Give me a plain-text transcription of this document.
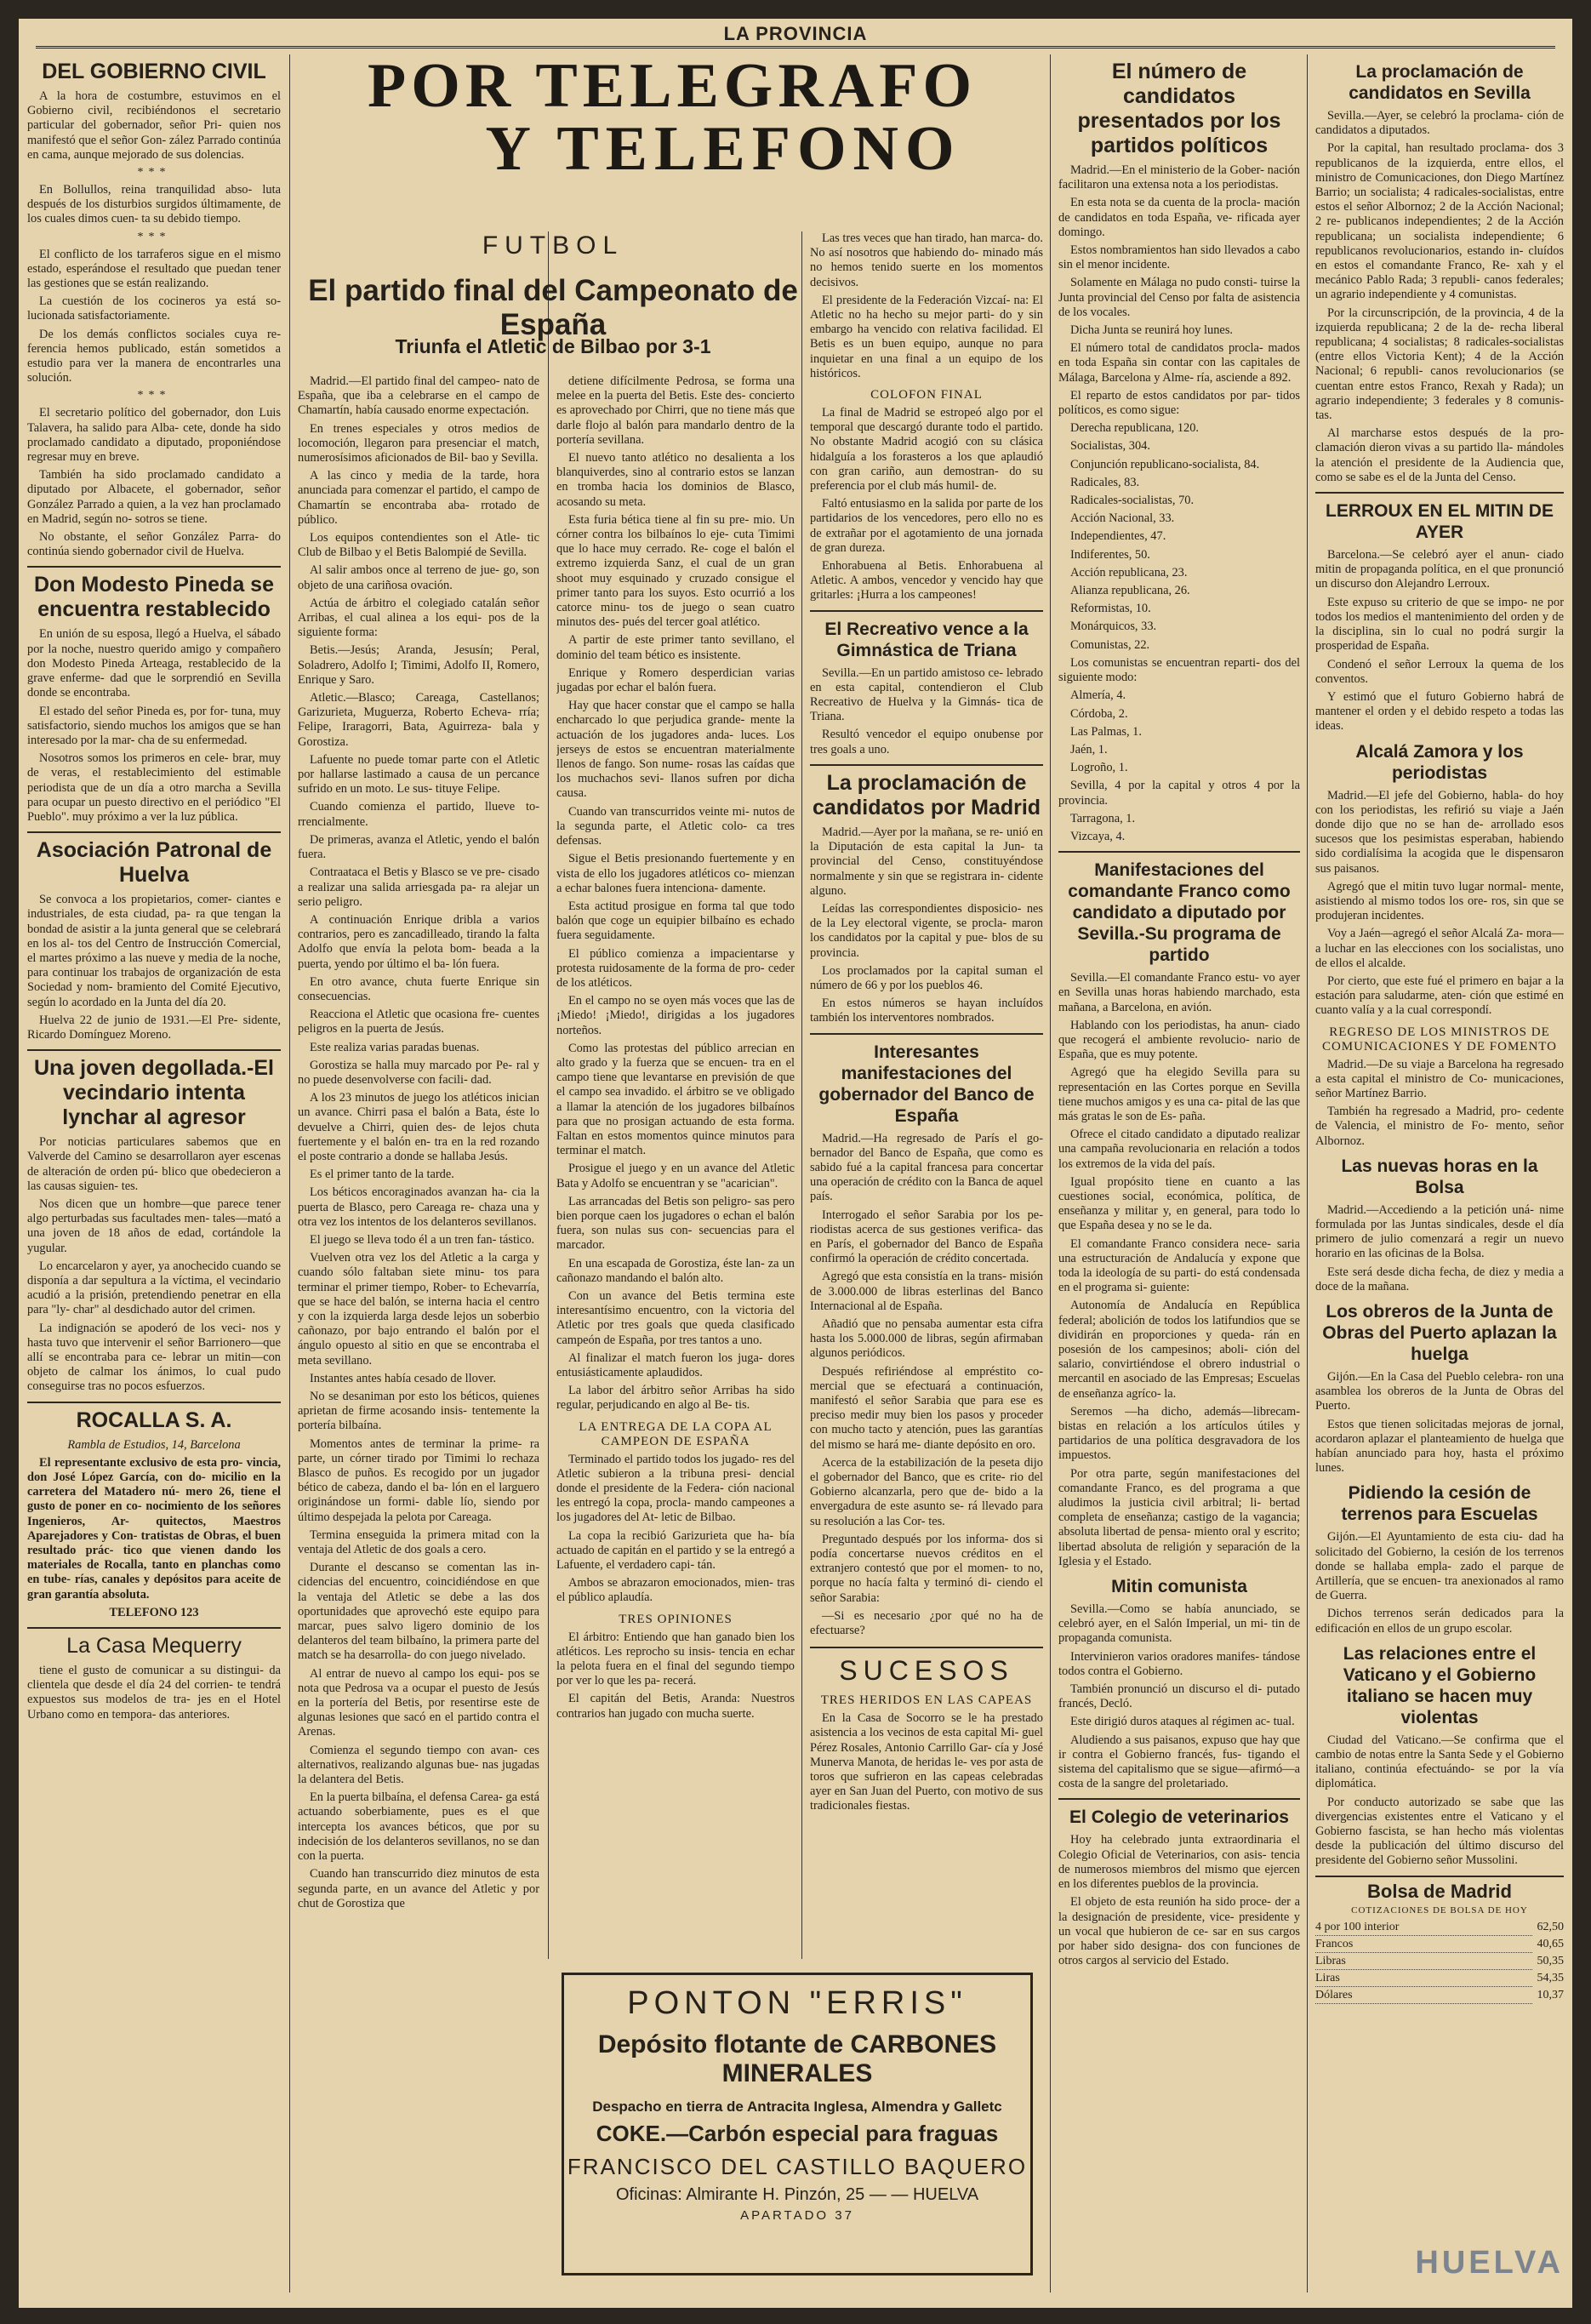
LA PROVINCIA
DEL GOBIERNO CIVIL

A la hora de costumbre, estuvimos en el Gobierno civil, recibiéndonos el secretario particular del gobernador, señor Pri- quien nos manifestó que el señor Gon- zález Parrado continúa en cama, aunque mejorado de sus dolencias.

***

En Bollullos, reina tranquilidad abso- luta después de los disturbios surgidos últimamente, de los cuales dimos cuen- ta su debido tiempo.

***

El conflicto de los tarraferos sigue en el mismo estado, esperándose el resultado que puedan tener las gestiones que se están realizando.

La cuestión de los cocineros ya está so- lucionada satisfactoriamente.

De los demás conflictos sociales cuya re- ferencia hemos publicado, están sometidos a estudio para ver la manera de encontrarles una solución.

***

El secretario político del gobernador, don Luis Talavera, ha salido para Alba- cete, donde ha sido proclamado candidato a diputado, proponiéndose regresar muy en breve.

También ha sido proclamado candidato a diputado por Albacete, el gobernador, señor González Parrado a quien, a la vez han proclamado en Madrid, según no- sotros se tiene.

No obstante, el señor González Parra- do continúa siendo gobernador civil de Huelva.

Don Modesto Pineda se encuentra restablecido

En unión de su esposa, llegó a Huelva, el sábado por la noche, nuestro querido amigo y compañero don Modesto Pineda Arteaga, restablecido de la grave enferme- dad que le sorprendió en Sevilla donde se encontraba.

El estado del señor Pineda es, por for- tuna, muy satisfactorio, siendo muchos los amigos que se han interesado por la mar- cha de su enfermedad.

Nosotros somos los primeros en cele- brar, muy de veras, el restablecimiento del estimable periodista que de un día a otro marcha a Sevilla para ocupar un puesto directivo en el periódico "El Pueblo". muy próximo a ver la luz pública.

Asociación Patronal de Huelva

Se convoca a los propietarios, comer- ciantes e industriales, de esta ciudad, pa- ra que tengan la bondad de asistir a la junta general que se celebrará en los al- tos del Centro de Instrucción Comercial, el martes próximo a las nueve y media de la noche, para continuar los trabajos de organización de esta Sociedad y nom- bramiento del Comité Ejecutivo, según lo acordado en la Junta del día 20.

Huelva 22 de junio de 1931.—El Pre- sidente, Ricardo Domínguez Moreno.

Una joven degollada.-El vecindario intenta lynchar al agresor

Por noticias particulares sabemos que en Valverde del Camino se desarrollaron ayer escenas de alteración de orden pú- blico que obedecieron a las causas siguien- tes.

Nos dicen que un hombre—que parece tener algo perturbadas sus facultades men- tales—mató a una joven de 18 años de edad, cortándole la yugular.

Lo encarcelaron y ayer, ya anochecido cuando se disponía a dar sepultura a la víctima, el vecindario acudió a la prisión, pretendiendo penetrar en ella para "ly- char" al desdichado autor del crimen.

La indignación se apoderó de los veci- nos y hasta tuvo que intervenir el señor Barrionero—que allí se encontraba para ce- lebrar un mitin—con objeto de calmar los ánimos, lo cual pudo conseguirse tras no pocos esfuerzos.

ROCALLA S. A.

Rambla de Estudios, 14, Barcelona

El representante exclusivo de esta pro- vincia, don José López García, con do- micilio en la carretera del Matadero nú- mero 26, tiene el gusto de poner en co- nocimiento de los señores Ingenieros, Ar- quitectos, Maestros Aparejadores y Con- tratistas de Obras, el buen resultado prác- tico que vienen dando los materiales de Rocalla, tanto en planchas como en tube- rías, canales y depósitos para aceite de gran garantía absoluta.

TELEFONO 123

La Casa Mequerry

tiene el gusto de comunicar a su distingui- da clientela que desde el día 24 del corrien- te tendrá expuestos sus modelos de tra- jes en el Hotel Urbano como en tempora- das anteriores.

POR TELEGRAFO
Y TELEFONO
FUTBOL
El partido final del Campeonato de España
Triunfa el Atletic de Bilbao por 3-1

Madrid.—El partido final del campeo- nato de España, que iba a celebrarse en el campo de Chamartín, había causado enorme expectación.

En trenes especiales y otros medios de locomoción, llegaron para presenciar el match, numerosísimos aficionados de Bil- bao y Sevilla.

A las cinco y media de la tarde, hora anunciada para comenzar el partido, el campo de Chamartín se encontraba aba- rrotado de público.

Los equipos contendientes son el Atle- tic Club de Bilbao y el Betis Balompié de Sevilla.

Al salir ambos once al terreno de jue- go, son objeto de una cariñosa ovación.

Actúa de árbitro el colegiado catalán señor Arribas, el cual alinea a los equi- pos de la siguiente forma:

Betis.—Jesús; Aranda, Jesusín; Peral, Soladrero, Adolfo I; Timimi, Adolfo II, Romero, Enrique y Saro.

Atletic.—Blasco; Careaga, Castellanos; Garizurieta, Muguerza, Roberto Echeva- rría; Felipe, Iraragorri, Bata, Aguirreza- bala y Gorostiza.

Lafuente no puede tomar parte con el Atletic por hallarse lastimado a causa de un percance sufrido en un moto. Le sus- tituye Felipe.

Cuando comienza el partido, llueve to- rrencialmente.

De primeras, avanza el Atletic, yendo el balón fuera.

Contraataca el Betis y Blasco se ve pre- cisado a realizar una salida arriesgada pa- ra alejar un serio peligro.

A continuación Enrique dribla a varios contrarios, pero es zancadilleado, tirando la falta Adolfo que envía la pelota bom- beada a la puerta, yendo por último el ba- lón fuera.

En otro avance, chuta fuerte Enrique sin consecuencias.

Reacciona el Atletic que ocasiona fre- cuentes peligros en la puerta de Jesús.

Este realiza varias paradas buenas.

Gorostiza se halla muy marcado por Pe- ral y no puede desenvolverse con facili- dad.

A los 23 minutos de juego los atléticos inician un avance. Chirri pasa el balón a Bata, éste lo devuelve a Chirri, quien des- de lejos chuta fuertemente y el balón en- tra en la red rozando el poste contrario a donde se hallaba Jesús.

Es el primer tanto de la tarde.

Los béticos encoraginados avanzan ha- cia la puerta de Blasco, pero Careaga re- chaza una y otra vez los intentos de los delanteros sevillanos.

El juego se lleva todo él a un tren fan- tástico.

Vuelven otra vez los del Atletic a la carga y cuando sólo faltaban siete minu- tos para terminar el primer tiempo, Rober- to Echevarría, que se hace del balón, se interna hacia el centro y con la izquierda larga desde lejos un soberbio cañonazo, por bajo entrando el balón por el ángulo opuesto al sitio en que se encontraba el meta sevillano.

Instantes antes había cesado de llover.

No se desaniman por esto los béticos, quienes aprietan de firme acosando insis- tentemente la portería bilbaína.

Momentos antes de terminar la prime- ra parte, un córner tirado por Timimi lo rechaza Blasco de puños. Es recogido por un jugador bético de cabeza, dando el ba- lón en el larguero originándose un formi- dable lío, siendo por último despejada la pelota por Careaga.

Termina enseguida la primera mitad con la ventaja del Atletic de dos goals a cero.

Durante el descanso se comentan las in- cidencias del encuentro, coincidiéndose en que la ventaja del Atletic se debe a las dos oportunidades que aprovechó este equipo para marcar, pues salvo ligero dominio de los delanteros del team bilbaíno, la primera parte del match se ha desarrolla- do con juego nivelado.

Al entrar de nuevo al campo los equi- pos se nota que Pedrosa va a ocupar el puesto de Jesús en la portería del Betis, por resentirse este de algunas lesiones que sacó en el partido contra el Arenas.

Comienza el segundo tiempo con avan- ces alternativos, realizando algunas bue- nas jugadas la delantera del Betis.

En la puerta bilbaína, el defensa Carea- ga está actuando soberbiamente, pues es el que intercepta los avances béticos, que por su indecisión de los delanteros sevillanos, no se dan con la puerta.

Cuando han transcurrido diez minutos de esta segunda parte, en un avance del Atletic y por chut de Gorostiza que

detiene difícilmente Pedrosa, se forma una melee en la puerta del Betis. Este des- concierto es aprovechado por Chirri, que no tiene más que darle flojo al balón para mandarlo dentro de la portería sevillana.

El nuevo tanto atlético no desalienta a los blanquiverdes, sino al contrario estos se lanzan en tromba hacia los dominios de Blasco, acosando su meta.

Esta furia bética tiene al fin su pre- mio. Un córner contra los bilbaínos lo eje- cuta Timimi que lo hace muy cerrado. Re- coge el balón el extremo izquierda Sanz, el cual de un gran shoot muy esquinado y cruzado consigue el primer tanto para los suyos. Esto ocurrió a los catorce minu- tos de juego o sean cuatro minutos des- pués del tercer goal atlético.

A partir de este primer tanto sevillano, el dominio del team bético es insistente.

Enrique y Romero desperdician varias jugadas por echar el balón fuera.

Hay que hacer constar que el campo se halla encharcado lo que perjudica grande- mente la actuación de los jugadores anda- luces. Los jerseys de estos se encuentran materialmente llenos de fango. Son nume- rosas las caídas que los muchachos sevi- llanos sufren por dicha causa.

Cuando van transcurridos veinte mi- nutos de la segunda parte, el Atletic colo- ca tres defensas.

Sigue el Betis presionando fuertemente y en vista de ello los jugadores atléticos co- mienzan a echar balones fuera intenciona- damente.

Esta actitud prosigue en forma tal que todo balón que coge un equipier bilbaíno es echado fuera seguidamente.

El público comienza a impacientarse y protesta ruidosamente de la forma de pro- ceder de los atléticos.

En el campo no se oyen más voces que las de ¡Miedo! ¡Miedo!, dirigidas a los jugadores norteños.

Como las protestas del público arrecian en alto grado y la fuerza que se encuen- tra en el campo tiene que levantarse en previsión de que el campo sea invadido. el árbitro se ve obligado a llamar la atención de los jugadores bilbaínos para que no prosigan actuando de esta forma. Faltan en estos momentos quince minutos para terminar el match.

Prosigue el juego y en un avance del Atletic Bata y Adolfo se encuentran y se "acarician".

Las arrancadas del Betis son peligro- sas pero bien porque caen los jugadores o echan el balón fuera, son nulas sus con- secuencias para el marcador.

En una escapada de Gorostiza, éste lan- za un cañonazo mandando el balón alto.

Con un avance del Betis termina este interesantísimo encuentro, con la victoria del Atletic por tres goals que queda clasificado campeón de España, por tres tantos a uno.

Al finalizar el match fueron los juga- dores entusiásticamente aplaudidos.

La labor del árbitro señor Arribas ha sido regular, perjudicando en algo al Be- tis.

LA ENTREGA DE LA COPA AL CAMPEON DE ESPAÑA

Terminado el partido todos los jugado- res del Atletic subieron a la tribuna presi- dencial donde el presidente de la Federa- ción nacional les entregó la copa, procla- mando campeones a los jugadores del At- letic de Bilbao.

La copa la recibió Garizurieta que ha- bía actuado de capitán en el partido y se la entregó a Lafuente, el verdadero capi- tán.

Ambos se abrazaron emocionados, mien- tras el público aplaudía.

TRES OPINIONES

El árbitro: Entiendo que han ganado bien los atléticos. Les reprocho su insis- tencia en echar la pelota fuera en el final del segundo tiempo por ver lo que les pa- recerá.

El capitán del Betis, Aranda: Nuestros contrarios han jugado con mucha suerte.

Las tres veces que han tirado, han marca- do. No así nosotros que habiendo do- minado más no hemos tenido suerte en los momentos decisivos.

El presidente de la Federación Vizcaí- na: El Atletic no ha hecho su mejor parti- do y sin embargo ha vencido con relativa facilidad. El Betis es un buen equipo, aunque no para inquietar en una final a un equipo de los históricos.

COLOFON FINAL

La final de Madrid se estropeó algo por el temporal que descargó durante todo el partido. No obstante Madrid acogió con su clásica hidalguía a los forasteros a los que aplaudió con gran cariño, aun demostran- do su preferencia por el club más humil- de.

Faltó entusiasmo en la salida por parte de los partidarios de los vencedores, pero ello no es de extrañar por el agotamiento de una jornada de gran dureza.

Enhorabuena al Betis. Enhorabuena al Atletic. A ambos, vencedor y vencido hay que gritarles: ¡Hurra a los campeones!

El Recreativo vence a la Gimnástica de Triana

Sevilla.—En un partido amistoso ce- lebrado en esta capital, contendieron el Club Recreativo de Huelva y la Gimnás- tica de Triana.

Resultó vencedor el equipo onubense por tres goals a uno.

La proclamación de candidatos por Madrid

Madrid.—Ayer por la mañana, se re- unió en la Diputación de esta capital la Jun- ta provincial del Censo, constituyéndose normalmente y sin que se registrara in- cidente alguno.

Leídas las correspondientes disposicio- nes de la Ley electoral vigente, se procla- maron los candidatos por la capital y pue- blos de su provincia.

Los proclamados por la capital suman el número de 66 y por los pueblos 46.

En estos números se hayan incluídos también los interventores nombrados.

Interesantes manifestaciones del gobernador del Banco de España

Madrid.—Ha regresado de París el go- bernador del Banco de España, que como es sabido fué a la capital francesa para concertar una operación de crédito con la Banca de aquel país.

Interrogado el señor Sarabia por los pe- riodistas acerca de sus gestiones verifica- das en París, el gobernador del Banco de España confirmó la operación de crédito concertada.

Agregó que esta consistía en la trans- misión de 3.000.000 de libras esterlinas del Banco Internacional al de España.

Añadió que no pensaba aumentar esta cifra hasta los 5.000.000 de libras, según afirmaban algunos periódicos.

Después refiriéndose al empréstito co- mercial que se efectuará a continuación, manifestó el señor Sarabia que para ese es preciso medir muy bien los pasos y proceder con mucho tacto y atención, pues las garantías del mismo se hará me- diante depósito en oro.

Acerca de la estabilización de la peseta dijo el gobernador del Banco, que es crite- rio del Gobierno alcanzarla, pero que de- bido a la envergadura de este asunto se- rá llevado para su resolución a las Cor- tes.

Preguntado después por los informa- dos si podía concertarse nuevos créditos en el extranjero contestó que por el momen- to no, porque no hacía falta y terminó di- ciendo el señor Sarabia:

—Si es necesario ¿por qué no ha de efectuarse?

SUCESOS
TRES HERIDOS EN LAS CAPEAS

En la Casa de Socorro se le ha prestado asistencia a los vecinos de esta capital Mi- guel Pérez Rosales, Antonio Carrillo Gar- cía y José Munerva Manota, de heridas le- ves por asta de toros que sufrieron en las capeas celebradas ayer en San Juan del Puerto, con motivo de sus tradicionales fiestas.

PONTON "ERRIS"
Depósito flotante de CARBONES MINERALES
Despacho en tierra de Antracita Inglesa, Almendra y Galletc
COKE.—Carbón especial para fraguas
FRANCISCO DEL CASTILLO BAQUERO
Oficinas: Almirante H. Pinzón, 25 — — HUELVA
APARTADO 37
El número de candidatos presentados por los partidos políticos

Madrid.—En el ministerio de la Gober- nación facilitaron una extensa nota a los periodistas.

En esta nota se da cuenta de la procla- mación de candidatos en toda España, ve- rificada ayer domingo.

Estos nombramientos han sido llevados a cabo sin el menor incidente.

Solamente en Málaga no pudo consti- tuirse la Junta provincial del Censo por falta de asistencia de los vocales.

Dicha Junta se reunirá hoy lunes.

El número total de candidatos procla- mados en toda España sin contar con las capitales de Málaga, Barcelona y Alme- ría, asciende a 892.

El reparto de estos candidatos por par- tidos políticos, es como sigue:

Derecha republicana, 120.

Socialistas, 304.

Conjunción republicano-socialista, 84.

Radicales, 83.

Radicales-socialistas, 70.

Acción Nacional, 33.

Independientes, 47.

Indiferentes, 50.

Acción republicana, 23.

Alianza republicana, 26.

Reformistas, 10.

Monárquicos, 33.

Comunistas, 22.

Los comunistas se encuentran reparti- dos del siguiente modo:

Almería, 4.

Córdoba, 2.

Las Palmas, 1.

Jaén, 1.

Logroño, 1.

Sevilla, 4 por la capital y otros 4 por la provincia.

Tarragona, 1.

Vizcaya, 4.

Manifestaciones del comandante Franco como candidato a diputado por Sevilla.-Su programa de partido

Sevilla.—El comandante Franco estu- vo ayer en Sevilla unas horas habiendo marchado, esta mañana, a Barcelona, en avión.

Hablando con los periodistas, ha anun- ciado que recogerá el ambiente revolucio- nario de España, que es muy potente.

Agregó que ha elegido Sevilla para su representación en las Cortes porque en Sevilla tiene muchos amigos y es una ca- pital de las que más gratas le son de Es- paña.

Ofrece el citado candidato a diputado realizar una campaña revolucionaria en relación a todos los extremos de la vida del país.

Igual propósito tiene en cuanto a las cuestiones social, económica, política, de enseñanza y militar y, en general, para todo lo que España desea y no se le da.

El comandante Franco considera nece- saria una estructuración de Andalucía y expone que toda la ideología de su parti- do está condensada en el programa si- guiente:

Autonomía de Andalucía en República federal; abolición de todos los latifundios que se dividirán en proporciones y queda- rán en posesión de los campesinos; aboli- ción del salario, convirtiéndose el obrero industrial o mercantil en asociado de las Empresas; Escuelas de enseñanza agríco- la.

Seremos —ha dicho, además—librecam- bistas en relación a los artículos útiles y partidarios de una política desgravadora de los impuestos.

Por otra parte, según manifestaciones del comandante Franco, es del programa a que aludimos la justicia civil arbitral; li- bertad completa de enseñanza; castigo de la vagancia; absoluta libertad de pensa- miento oral y escrito; libertad absoluta de religión y separación de la Iglesia y el Estado.

Mitin comunista

Sevilla.—Como se había anunciado, se celebró ayer, en el Salón Imperial, un mi- tin de propaganda comunista.

Intervinieron varios oradores manifes- tándose todos contra el Gobierno.

También pronunció un discurso el di- putado francés, Decló.

Este dirigió duros ataques al régimen ac- tual.

Aludiendo a sus paisanos, expuso que hay que ir contra el Gobierno francés, fus- tigando el sistema del capitalismo que se sigue—afirmó—a costa de la sangre del proletariado.

El Colegio de veterinarios

Hoy ha celebrado junta extraordinaria el Colegio Oficial de Veterinarios, con asis- tencia de numerosos miembros del mismo que ejercen en los diferentes pueblos de la provincia.

El objeto de esta reunión ha sido proce- der a la designación de presidente, vice- presidente y un vocal que hubieron de ce- sar en sus cargos por haber sido designa- dos con funciones de otros cargos al servicio del Estado.

La proclamación de candidatos en Sevilla

Sevilla.—Ayer, se celebró la proclama- ción de candidatos a diputados.

Por la capital, han resultado proclama- dos 3 republicanos de la izquierda, entre ellos, el ministro de Comunicaciones, don Diego Martínez Barrio; un socialista; 4 radicales-socialistas, entre estos el señor Albornoz; 2 de la Acción Nacional; 2 re- publicanos independientes; 2 de la Acción republicana; un socialista independiente; 6 republicanos revolucionarios, estando in- cluídos en estos el comandante Franco, Re- xah y el mecánico Pablo Rada; 3 republi- canos federales; un agrario independiente y 4 comunistas.

Por la circunscripción, de la provincia, 4 de la izquierda republicana; 2 de la de- recha liberal republicana; 4 socialistas; 8 radicales-socialistas (entre ellos Victoria Kent); 4 de la Acción Nacional; 6 republi- canos revolucionarios (se cuentan entre estos Franco, Rexah y Rada); un agrario independiente; 3 federales y 8 comunis- tas.

Al marcharse estos después de la pro- clamación dieron vivas a su partido lla- mándoles la atención el presidente de la Audiencia que, como se sabe es el de la Junta del Censo.

LERROUX EN EL MITIN DE AYER

Barcelona.—Se celebró ayer el anun- ciado mitin de propaganda política, en el que pronunció un discurso don Alejandro Lerroux.

Este expuso su criterio de que se impo- ne por todos los medios el mantenimiento del orden y de la disciplina, sin lo cual no podrá surgir la prosperidad de España.

Condenó el señor Lerroux la quema de los conventos.

Y estimó que el futuro Gobierno habrá de mantener el orden y el debido respeto a todas las ideas.

Alcalá Zamora y los periodistas

Madrid.—El jefe del Gobierno, habla- do hoy con los periodistas, les refirió su viaje a Jaén donde dijo que no se han de- arrollado esos sucesos que los pesimistas esperaban, habiendo sido cordialísima la acogida que le dispensaron sus paisanos.

Agregó que el mitin tuvo lugar normal- mente, asistiendo al mismo todos los ore- ros, sin que se produjeran incidentes.

Voy a Jaén—agregó el señor Alcalá Za- mora—a luchar en las elecciones con los socialistas, uno de ellos el alcalde.

Por cierto, que este fué el primero en bajar a la estación para saludarme, aten- ción que estimé en cuanto valía y a la cual correspondí.

REGRESO DE LOS MINISTROS DE COMUNICACIONES Y DE FOMENTO

Madrid.—De su viaje a Barcelona ha regresado a esta capital el ministro de Co- municaciones, señor Martínez Barrio.

También ha regresado a Madrid, pro- cedente de Valencia, el ministro de Fo- mento, señor Albornoz.

Las nuevas horas en la Bolsa

Madrid.—Accediendo a la petición uná- nime formulada por las Juntas sindicales, desde el día primero de julio comenzará a regir un nuevo horario en las oficinas de la Bolsa.

Este será desde dicha fecha, de diez y media a doce de la mañana.

Los obreros de la Junta de Obras del Puerto aplazan la huelga

Gijón.—En la Casa del Pueblo celebra- ron una asamblea los obreros de la Junta de Obras del Puerto.

Estos que tienen solicitadas mejoras de jornal, acordaron aplazar el planteamiento de huelga que habían anunciado para hoy, hasta el próximo lunes.

Pidiendo la cesión de terrenos para Escuelas

Gijón.—El Ayuntamiento de esta ciu- dad ha solicitado del Gobierno, la cesión de los terrenos donde se hallaba empla- zado el parque de Artillería, que se encuen- tra anexionados al ramo de Guerra.

Dichos terrenos serán dedicados para la edificación en ellos de un grupo escolar.

Las relaciones entre el Vaticano y el Gobierno italiano se hacen muy violentas

Ciudad del Vaticano.—Se confirma que el cambio de notas entre la Santa Sede y el Gobierno italiano, continúa efectuándo- se por la vía diplomática.

Por conducto autorizado se sabe que las divergencias existentes entre el Vaticano y el Gobierno fascista, se han hecho más violentas desde la publicación del último discurso del presidente del Gobierno señor Mussolini.

Bolsa de Madrid
COTIZACIONES DE BOLSA DE HOY
4 por 100 interior	62,50
Francos	40,65
Libras	50,35
Liras	54,35
Dólares	10,37
HUELVA
